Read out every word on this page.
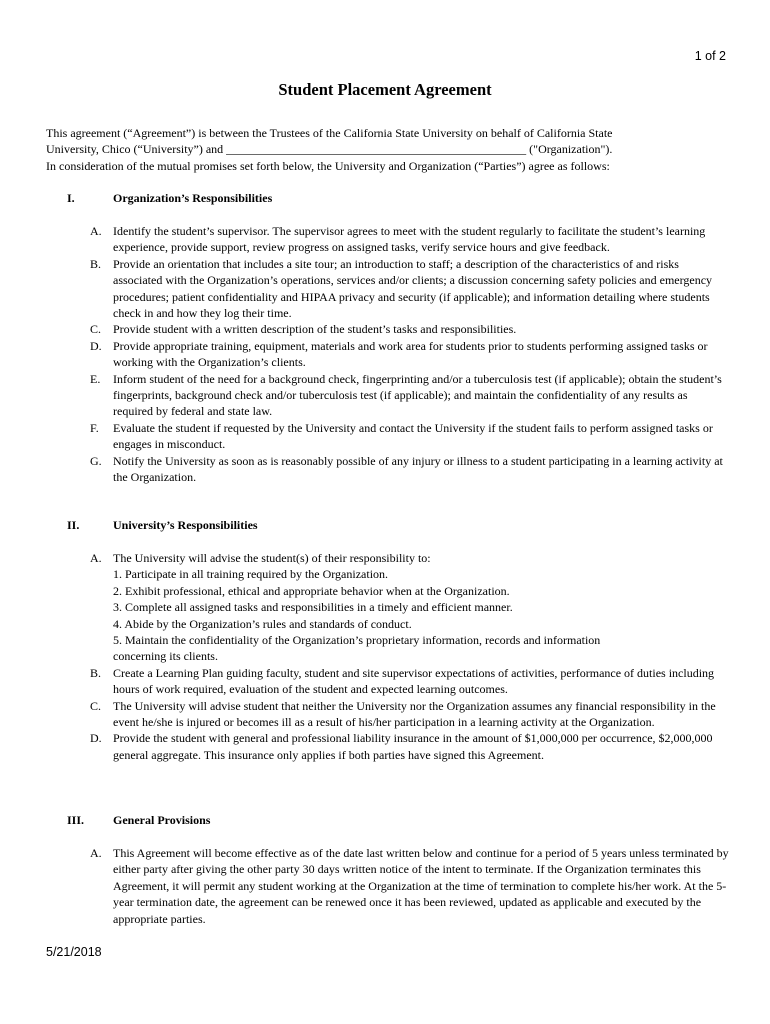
1 of 2
Student Placement Agreement

This agreement (“Agreement”) is between the Trustees of the California State University on behalf of California State

University, Chico (“University”) and __________________________________________________ ("Organization").

In consideration of the mutual promises set forth below, the University and Organization (“Parties”) agree as follows:

I.	Organization’s Responsibilities
A. Identify the student’s supervisor. The supervisor agrees to meet with the student regularly to facilitate the student’s learning experience, provide support, review progress on assigned tasks, verify service hours and give feedback.
B. Provide an orientation that includes a site tour; an introduction to staff; a description of the characteristics of and risks associated with the Organization’s operations, services and/or clients; a discussion concerning safety policies and emergency procedures; patient confidentiality and HIPAA privacy and security (if applicable); and information detailing where students check in and how they log their time.
C. Provide student with a written description of the student’s tasks and responsibilities.
D. Provide appropriate training, equipment, materials and work area for students prior to students performing assigned tasks or working with the Organization’s clients.
E.	Inform student of the need for a background check, fingerprinting and/or a tuberculosis test (if applicable); obtain the student’s fingerprints, background check and/or tuberculosis test (if applicable); and maintain the confidentiality of any results as required by federal and state law.
F.	Evaluate the student if requested by the University and contact the University if the student fails to perform assigned tasks or engages in misconduct.
G. Notify the University as soon as is reasonably possible of any injury or illness to a student participating in a learning activity at the Organization.
II.	University’s Responsibilities
A. The University will advise the student(s) of their responsibility to:
1. Participate in all training required by the Organization.
2. Exhibit professional, ethical and appropriate behavior when at the Organization.
3. Complete all assigned tasks and responsibilities in a timely and efficient manner.
4. Abide by the Organization’s rules and standards of conduct.
5. Maintain the confidentiality of the Organization’s proprietary information, records and information
concerning its clients.
B. Create a Learning Plan guiding faculty, student and site supervisor expectations of activities, performance of duties including hours of work required, evaluation of the student and expected learning outcomes.
C. The University will advise student that neither the University nor the Organization assumes any financial responsibility in the event he/she is injured or becomes ill as a result of his/her participation in a learning activity at the Organization.
D. Provide the student with general and professional liability insurance in the amount of $1,000,000 per occurrence, $2,000,000 general aggregate. This insurance only applies if both parties have signed this Agreement.
III. General Provisions
A. This Agreement will become effective as of the date last written below and continue for a period of 5 years unless terminated by either party after giving the other party 30 days written notice of the intent to terminate. If the Organization terminates this Agreement, it will permit any student working at the Organization at the time of termination to complete his/her work. At the 5-year termination date, the agreement can be renewed once it has been reviewed, updated as applicable and executed by the appropriate parties.
5/21/2018
